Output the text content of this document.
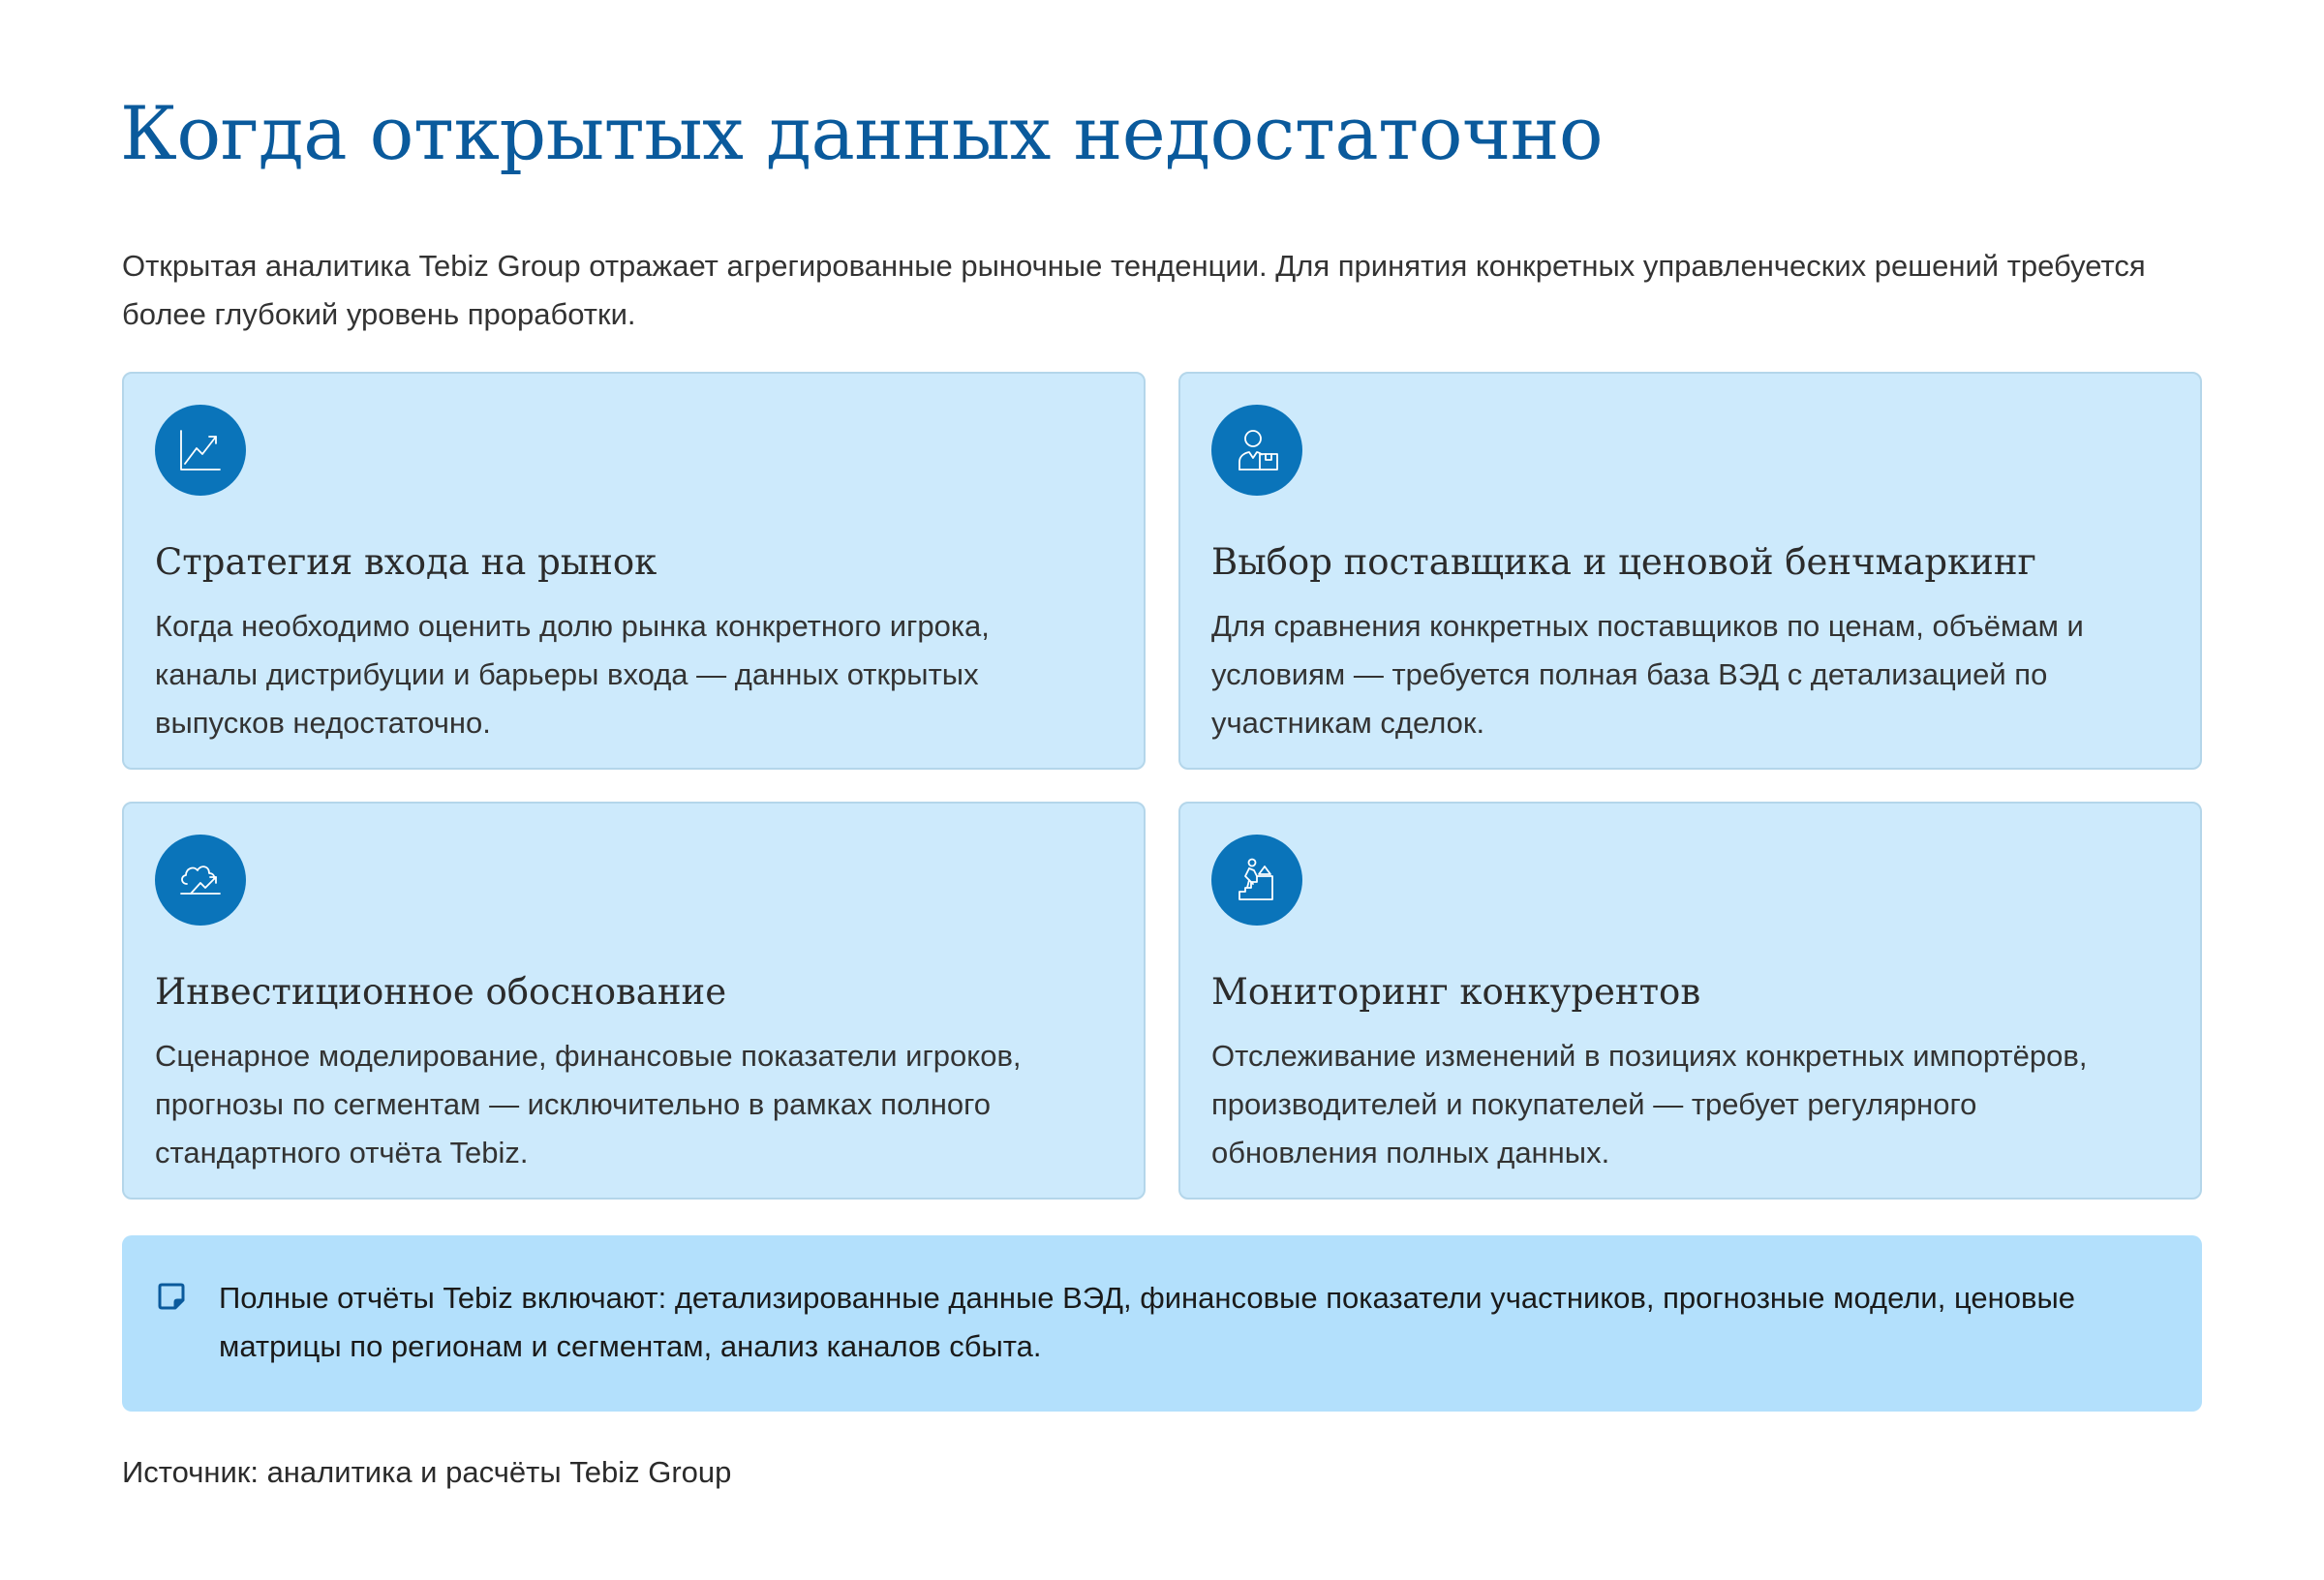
Когда открытых данных недостаточно

Открытая аналитика Tebiz Group отражает агрегированные рыночные тенденции. Для принятия конкретных управленческих решений требуется более глубокий уровень проработки.

Стратегия входа на рынок
Когда необходимо оценить долю рынка конкретного игрока, каналы дистрибуции и барьеры входа — данных открытых выпусков недостаточно.
Выбор поставщика и ценовой бенчмаркинг
Для сравнения конкретных поставщиков по ценам, объёмам и условиям — требуется полная база ВЭД с детализацией по участникам сделок.
Инвестиционное обоснование
Сценарное моделирование, финансовые показатели игроков, прогнозы по сегментам — исключительно в рамках полного стандартного отчёта Tebiz.
Мониторинг конкурентов
Отслеживание изменений в позициях конкретных импортёров, производителей и покупателей — требует регулярного обновления полных данных.
Полные отчёты Tebiz включают: детализированные данные ВЭД, финансовые показатели участников, прогнозные модели, ценовые матрицы по регионам и сегментам, анализ каналов сбыта.
Источник: аналитика и расчёты Tebiz Group
